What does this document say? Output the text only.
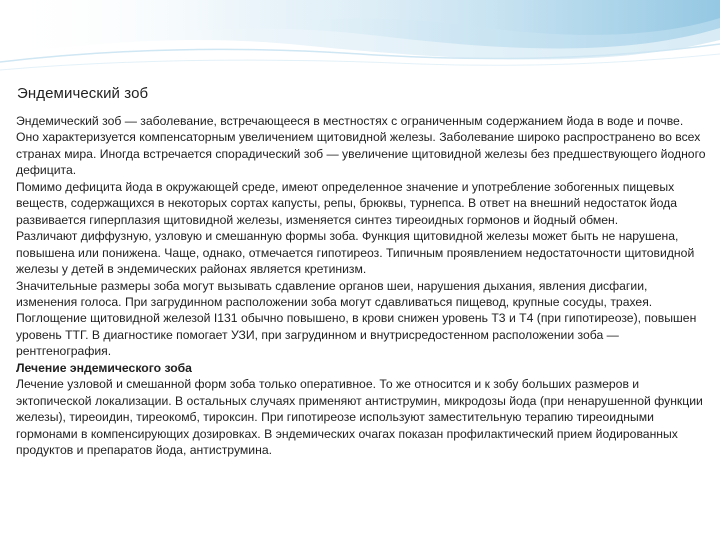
Эндемический зоб

Эндемический зоб — заболевание, встречающееся в местностях с ограниченным содержанием йода в воде и почве. Оно характеризуется компенсаторным увеличением щитовидной железы. Заболевание широко распространено во всех странах мира. Иногда встречается спорадический зоб — увеличение щитовидной железы без предшествующего йодного дефицита.

Помимо дефицита йода в окружающей среде, имеют определенное значение и употребление зобогенных пищевых веществ, содержащихся в некоторых сортах капусты, репы, брюквы, турнепса. В ответ на внешний недостаток йода развивается гиперплазия щитовидной железы, изменяется синтез тиреоидных гормонов и йодный обмен.

Различают диффузную, узловую и смешанную формы зоба. Функция щитовидной железы может быть не нарушена, повышена или понижена. Чаще, однако, отмечается гипотиреоз. Типичным проявлением недостаточности щитовидной железы у детей в эндемических районах является кретинизм.

Значительные размеры зоба могут вызывать сдавление органов шеи, нарушения дыхания, явления дисфагии, изменения голоса. При загрудинном расположении зоба могут сдавливаться пищевод, крупные сосуды, трахея.

Поглощение щитовидной железой I131 обычно повышено, в крови снижен уровень Т3 и Т4 (при гипотиреозе), повышен уровень ТТГ. В диагностике помогает УЗИ, при загрудинном и внутрисредостенном расположении зоба — рентгенография.

Лечение эндемического зоба

Лечение узловой и смешанной форм зоба только оперативное. То же относится и к зобу больших размеров и эктопической локализации. В остальных случаях применяют антиструмин, микродозы йода (при ненарушенной функции железы), тиреоидин, тиреокомб, тироксин. При гипотиреозе используют заместительную терапию тиреоидными гормонами в компенсирующих дозировках. В эндемических очагах показан профилактический прием йодированных продуктов и препаратов йода, антиструмина.
